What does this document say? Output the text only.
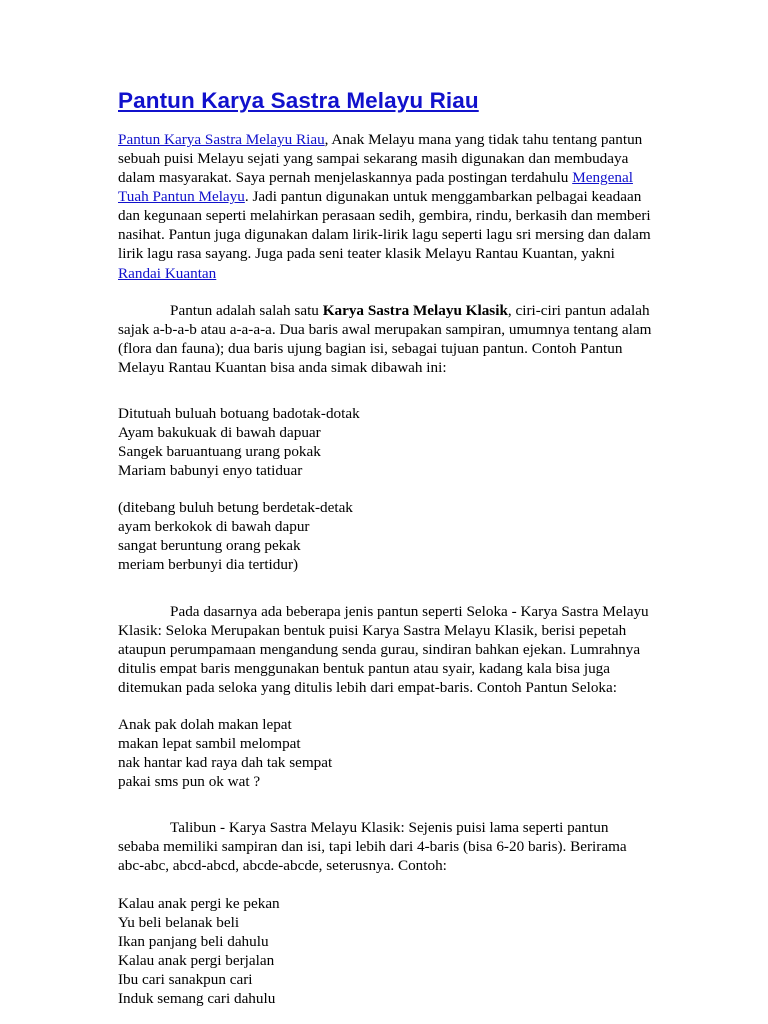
Pantun Karya Sastra Melayu Riau

Pantun Karya Sastra Melayu Riau, Anak Melayu mana yang tidak tahu tentang pantun sebuah puisi Melayu sejati yang sampai sekarang masih digunakan dan membudaya dalam masyarakat. Saya pernah menjelaskannya pada postingan terdahulu Mengenal Tuah Pantun Melayu. Jadi pantun digunakan untuk menggambarkan pelbagai keadaan dan kegunaan seperti melahirkan perasaan sedih, gembira, rindu, berkasih dan memberi nasihat. Pantun juga digunakan dalam lirik-lirik lagu seperti lagu sri mersing dan dalam lirik lagu rasa sayang. Juga pada seni teater klasik Melayu Rantau Kuantan, yakni Randai Kuantan

Pantun adalah salah satu Karya Sastra Melayu Klasik, ciri-ciri pantun adalah sajak a-b-a-b atau a-a-a-a. Dua baris awal merupakan sampiran, umumnya tentang alam (flora dan fauna); dua baris ujung bagian isi, sebagai tujuan pantun. Contoh Pantun Melayu Rantau Kuantan bisa anda simak dibawah ini:

Ditutuah buluah botuang badotak-dotak
Ayam bakukuak di bawah dapuar
Sangek baruantuang urang pokak
Mariam babunyi enyo tatiduar
(ditebang buluh betung berdetak-detak
ayam berkokok di bawah dapur
sangat beruntung orang pekak
meriam berbunyi dia tertidur)

Pada dasarnya ada beberapa jenis pantun seperti Seloka - Karya Sastra Melayu Klasik: Seloka Merupakan bentuk puisi Karya Sastra Melayu Klasik, berisi pepetah ataupun perumpamaan mengandung senda gurau, sindiran bahkan ejekan. Lumrahnya ditulis empat baris menggunakan bentuk pantun atau syair, kadang kala bisa juga ditemukan pada seloka yang ditulis lebih dari empat-baris. Contoh Pantun Seloka:

Anak pak dolah makan lepat
makan lepat sambil melompat
nak hantar kad raya dah tak sempat
pakai sms pun ok wat ?

Talibun - Karya Sastra Melayu Klasik: Sejenis puisi lama seperti pantun sebaba memiliki sampiran dan isi, tapi lebih dari 4-baris (bisa 6-20 baris). Berirama abc-abc, abcd-abcd, abcde-abcde, seterusnya. Contoh:

Kalau anak pergi ke pekan
Yu beli belanak beli
Ikan panjang beli dahulu
Kalau anak pergi berjalan
Ibu cari sanakpun cari
Induk semang cari dahulu
